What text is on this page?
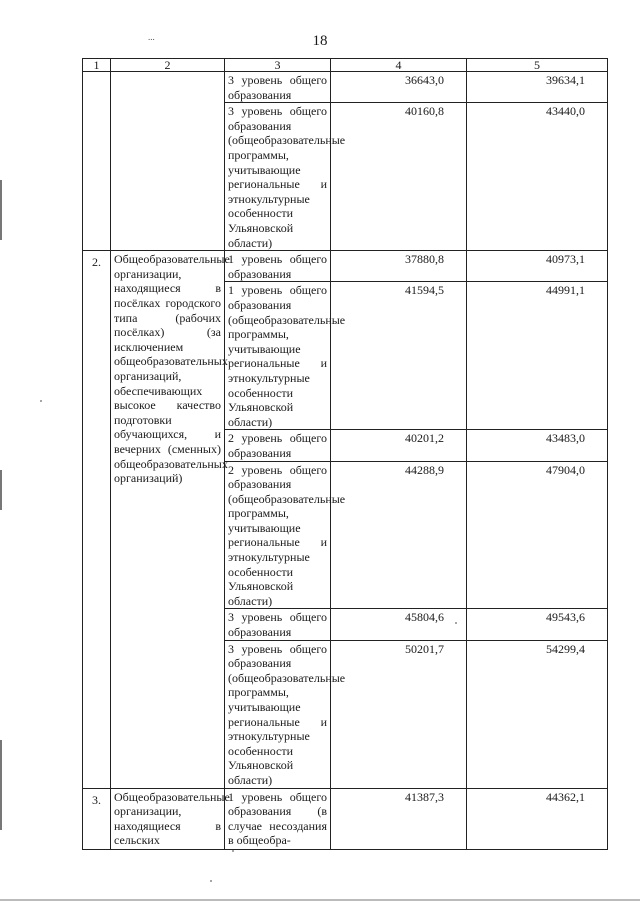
...	18
1	2	3	4	5
		3 уровень общего образования	36643,0	39634,1
		3 уровень общего образования (общеобразовательные программы, учитывающие региональные и этнокультурные особенности Ульяновской области)	40160,8	43440,0
2.	Общеобразовательные организации, находящиеся в посёлках городского типа (рабочих посёлках) (за исключением общеобразовательных организаций, обеспечивающих высокое качество подготовки обучающихся, и вечерних (сменных) общеобразовательных организаций)	1 уровень общего образования	37880,8	40973,1
		1 уровень общего образования (общеобразовательные программы, учитывающие региональные и этнокультурные особенности Ульяновской области)	41594,5	44991,1
		2 уровень общего образования	40201,2	43483,0
		2 уровень общего образования (общеобразовательные программы, учитывающие региональные и этнокультурные особенности Ульяновской области)	44288,9	47904,0
		3 уровень общего образования	45804,6	49543,6
		3 уровень общего образования (общеобразовательные программы, учитывающие региональные и этнокультурные особенности Ульяновской области)	50201,7	54299,4
3.	Общеобразовательные организации, находящиеся в сельских	1 уровень общего образования (в случае несоздания в общеобра-	41387,3	44362,1
